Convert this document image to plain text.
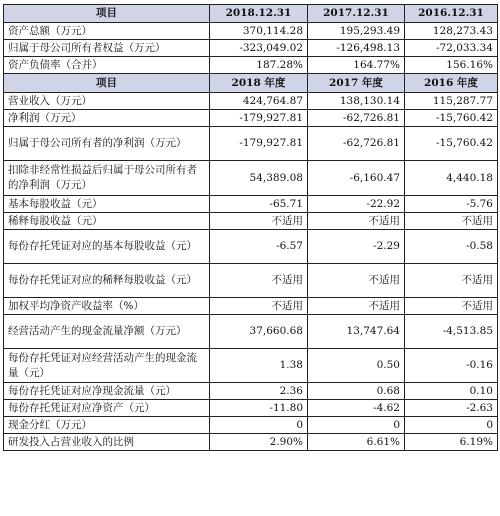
项目	2018.12.31	2017.12.31	2016.12.31
资产总额（万元）	370,114.28	195,293.49	128,273.43
归属于母公司所有者权益（万元）	-323,049.02	-126,498.13	-72,033.34
资产负债率（合并）	187.28%	164.77%	156.16%
项目	2018 年度	2017 年度	2016 年度
营业收入（万元）	424,764.87	138,130.14	115,287.77
净利润（万元）	-179,927.81	-62,726.81	-15,760.42
归属于母公司所有者的净利润（万元）	-179,927.81	-62,726.81	-15,760.42
扣除非经常性损益后归属于母公司所有者的净利润（万元）	54,389.08	-6,160.47	4,440.18
基本每股收益（元）	-65.71	-22.92	-5.76
稀释每股收益（元）	不适用	不适用	不适用
每份存托凭证对应的基本每股收益（元）	-6.57	-2.29	-0.58
每份存托凭证对应的稀释每股收益（元）	不适用	不适用	不适用
加权平均净资产收益率（%）	不适用	不适用	不适用
经营活动产生的现金流量净额（万元）	37,660.68	13,747.64	-4,513.85
每份存托凭证对应经营活动产生的现金流量（元）	1.38	0.50	-0.16
每份存托凭证对应净现金流量（元）	2.36	0.68	0.10
每份存托凭证对应净资产（元）	-11.80	-4.62	-2.63
现金分红（万元）	0	0	0
研发投入占营业收入的比例	2.90%	6.61%	6.19%
